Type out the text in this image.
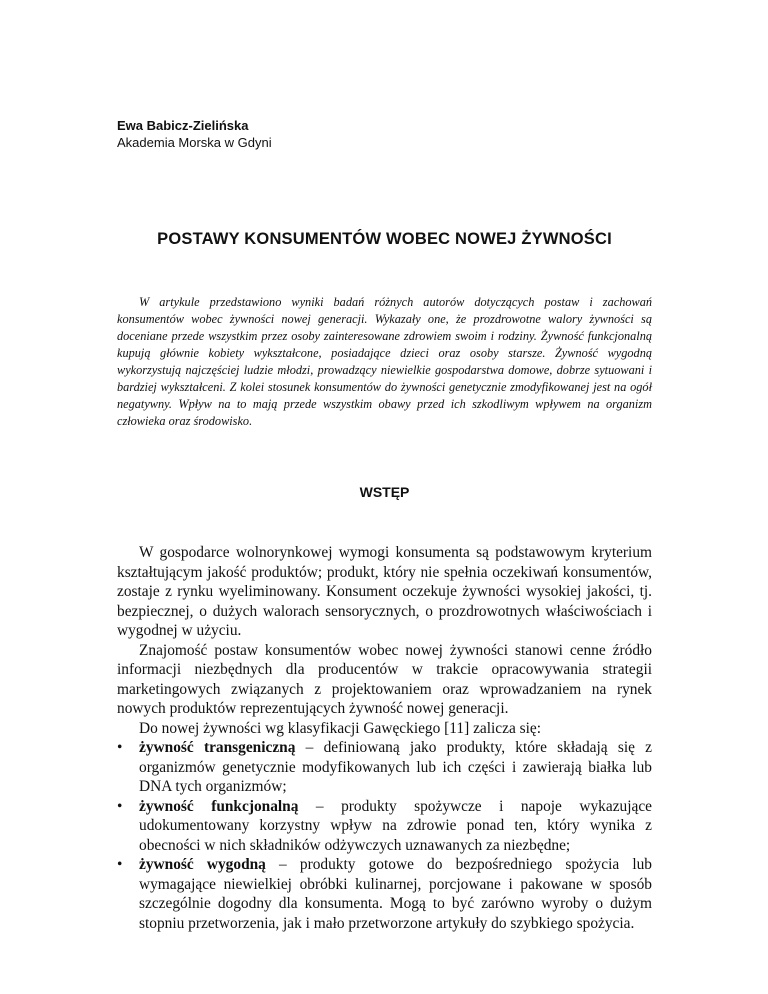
Ewa Babicz-Zielińska
Akademia Morska w Gdyni
POSTAWY KONSUMENTÓW WOBEC NOWEJ ŻYWNOŚCI

W artykule przedstawiono wyniki badań różnych autorów dotyczących postaw i zachowań konsumentów wobec żywności nowej generacji. Wykazały one, że prozdrowotne walory żywności są doceniane przede wszystkim przez osoby zainteresowane zdrowiem swoim i rodziny. Żywność funkcjonalną kupują głównie kobiety wykształcone, posiadające dzieci oraz osoby starsze. Żywność wygodną wykorzystują najczęściej ludzie młodzi, prowadzący niewielkie gospodarstwa domowe, dobrze sytuowani i bardziej wykształceni. Z kolei stosunek konsumentów do żywności genetycznie zmodyfikowanej jest na ogół negatywny. Wpływ na to mają przede wszystkim obawy przed ich szkodliwym wpływem na organizm człowieka oraz środowisko.

WSTĘP

W gospodarce wolnorynkowej wymogi konsumenta są podstawowym kryterium kształtującym jakość produktów; produkt, który nie spełnia oczekiwań konsumentów, zostaje z rynku wyeliminowany. Konsument oczekuje żywności wysokiej jakości, tj. bezpiecznej, o dużych walorach sensorycznych, o prozdrowotnych właściwościach i wygodnej w użyciu.

Znajomość postaw konsumentów wobec nowej żywności stanowi cenne źródło informacji niezbędnych dla producentów w trakcie opracowywania strategii marketingowych związanych z projektowaniem oraz wprowadzaniem na rynek nowych produktów reprezentujących żywność nowej generacji.

Do nowej żywności wg klasyfikacji Gawęckiego [11] zalicza się:

•	żywność transgeniczną – definiowaną jako produkty, które składają się z organizmów genetycznie modyfikowanych lub ich części i zawierają białka lub DNA tych organizmów;
•	żywność funkcjonalną – produkty spożywcze i napoje wykazujące udokumentowany korzystny wpływ na zdrowie ponad ten, który wynika z obecności w nich składników odżywczych uznawanych za niezbędne;
•	żywność wygodną – produkty gotowe do bezpośredniego spożycia lub wymagające niewielkiej obróbki kulinarnej, porcjowane i pakowane w sposób szczególnie dogodny dla konsumenta. Mogą to być zarówno wyroby o dużym stopniu przetworzenia, jak i mało przetworzone artykuły do szybkiego spożycia.
